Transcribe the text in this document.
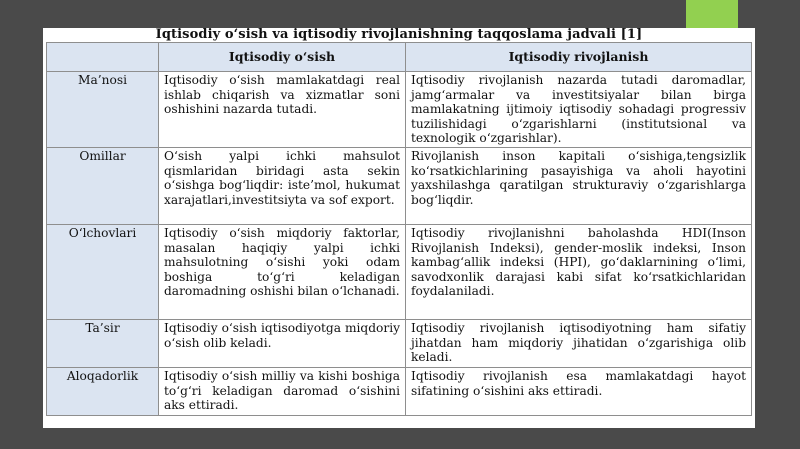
Iqtisodiy oʻsish va iqtisodiy rivojlanishning taqqoslama jadvali [1]
	Iqtisodiy oʻsish	Iqtisodiy rivojlanish
Ma’nosi	Iqtisodiy oʻsish mamlakatdagi real ishlab chiqarish va xizmatlar soni oshishini nazarda tutadi.	Iqtisodiy rivojlanish nazarda tutadi daromadlar, jamgʻarmalar va investitsiyalar bilan birga mamlakatning ijtimoiy iqtisodiy sohadagi progressiv tuzilishidagi oʻzgarishlarni (institutsional va texnologik oʻzgarishlar).
Omillar	Oʻsish yalpi ichki mahsulot qismlaridan biridagi asta sekin oʻsishga bogʻliqdir: iste’mol, hukumat xarajatlari,investitsiyta va sof export.	Rivojlanish inson kapitali oʻsishiga,tengsizlik koʻrsatkichlarining pasayishiga va aholi hayotini yaxshilashga qaratilgan strukturaviy oʻzgarishlarga bogʻliqdir.
Oʻlchovlari	Iqtisodiy oʻsish miqdoriy faktorlar, masalan haqiqiy yalpi ichki mahsulotning oʻsishi yoki odam boshiga toʻgʻri keladigan daromadning oshishi bilan oʻlchanadi.	Iqtisodiy rivojlanishni baholashda HDI(Inson Rivojlanish Indeksi), gender-moslik indeksi, Inson kambagʻallik indeksi (HPI), goʻdaklarnining oʻlimi, savodxonlik darajasi kabi sifat koʻrsatkichlaridan foydalaniladi.
Ta’sir	Iqtisodiy oʻsish iqtisodiyotga miqdoriy oʻsish olib keladi.	Iqtisodiy rivojlanish iqtisodiyotning ham sifatiy jihatdan ham miqdoriy jihatidan oʻzgarishiga olib keladi.
Aloqadorlik	Iqtisodiy oʻsish milliy va kishi boshiga toʻgʻri keladigan daromad oʻsishini aks ettiradi.	Iqtisodiy rivojlanish esa mamlakatdagi hayot sifatining oʻsishini aks ettiradi.
